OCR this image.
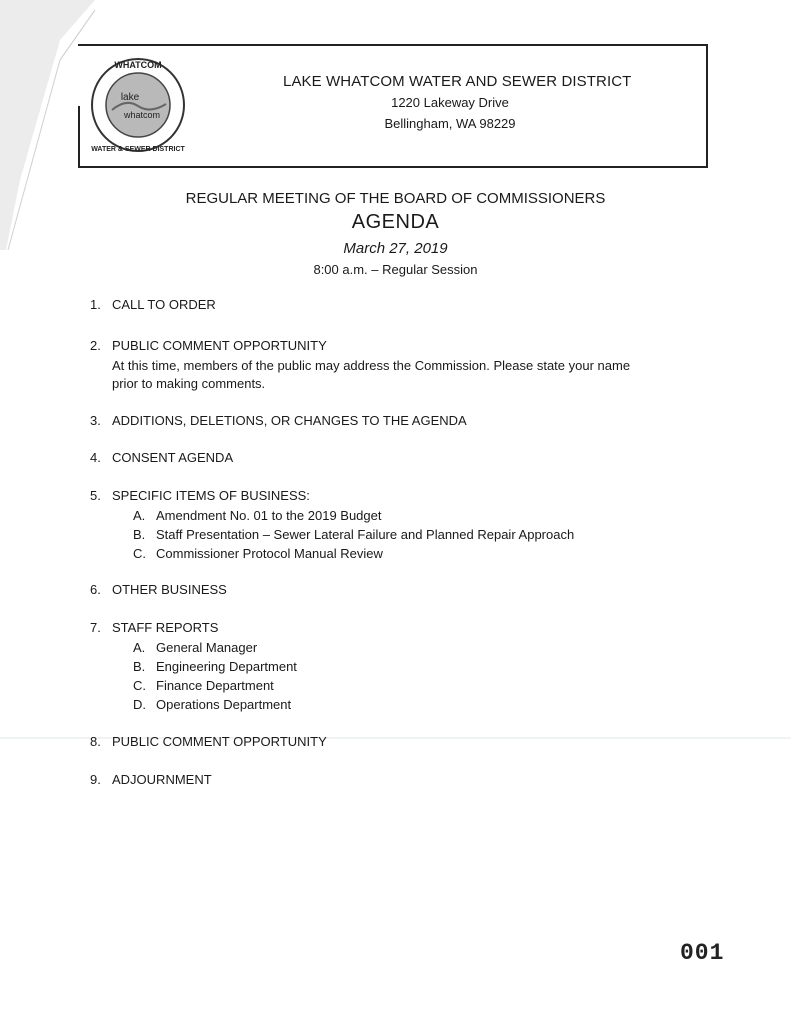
WHATCOM
lake
whatcom
WATER & SEWER DISTRICT
LAKE WHATCOM WATER AND SEWER DISTRICT
1220 Lakeway Drive
Bellingham, WA 98229
REGULAR MEETING OF THE BOARD OF COMMISSIONERS
AGENDA
March 27, 2019
8:00 a.m. – Regular Session
1. CALL TO ORDER
2. PUBLIC COMMENT OPPORTUNITY
At this time, members of the public may address the Commission. Please state your name
prior to making comments.
3. ADDITIONS, DELETIONS, OR CHANGES TO THE AGENDA
4. CONSENT AGENDA
5. SPECIFIC ITEMS OF BUSINESS:
A. Amendment No. 01 to the 2019 Budget
B. Staff Presentation – Sewer Lateral Failure and Planned Repair Approach
C. Commissioner Protocol Manual Review
6. OTHER BUSINESS
7. STAFF REPORTS
A. General Manager
B. Engineering Department
C. Finance Department
D. Operations Department
8. PUBLIC COMMENT OPPORTUNITY
9. ADJOURNMENT
001
